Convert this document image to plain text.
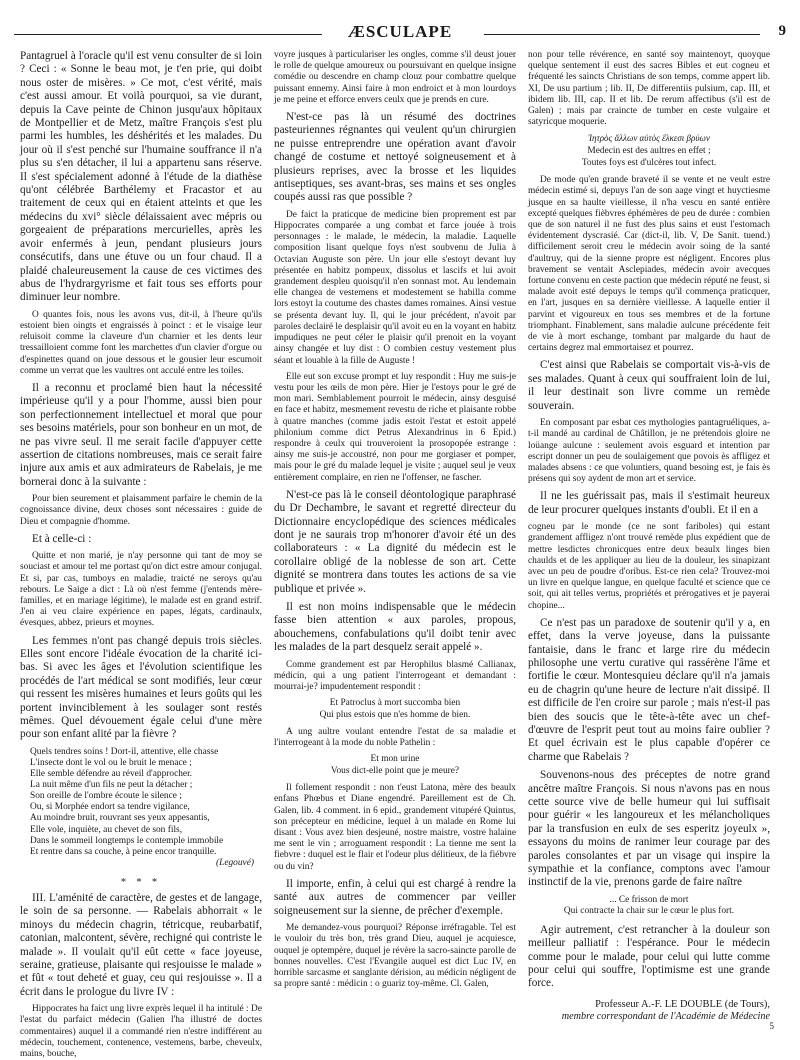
ÆSCULAPE	9

Pantagruel à l'oracle qu'il est venu consulter de si loin ? Ceci : « Sonne le beau mot, je t'en prie, qui doibt nous oster de misères. » Ce mot, c'est vérité, mais c'est aussi amour. Et voilà pourquoi, sa vie durant, depuis la Cave peinte de Chinon jusqu'aux hôpitaux de Montpellier et de Metz, maître François s'est plu parmi les humbles, les déshérités et les malades. Du jour où il s'est penché sur l'humaine souffrance il n'a plus su s'en détacher, il lui a appartenu sans réserve. Il s'est spécialement adonné à l'étude de la diathèse qu'ont célébrée Barthélemy et Fracastor et au traitement de ceux qui en étaient atteints et que les médecins du xvi° siècle délaissaient avec mépris ou gorgeaient de préparations mercurielles, après les avoir enfermés à jeun, pendant plusieurs jours consécutifs, dans une étuve ou un four chaud. Il a plaidé chaleureusement la cause de ces victimes des abus de l'hydrargyrisme et fait tous ses efforts pour diminuer leur nombre.

O quantes fois, nous les avons vus, dit-il, à l'heure qu'ils estoient bien oingts et engraissés à poinct : et le visaige leur reluisoit comme la claveure d'un charnier et les dents leur tressailloient comme font les marchettes d'un clavier d'orgue ou d'espinettes quand on joue dessous et le gousier leur escumoit comme un verrat que les vaultres ont acculé entre les toiles.

Il a reconnu et proclamé bien haut la nécessité impérieuse qu'il y a pour l'homme, aussi bien pour son perfectionnement intellectuel et moral que pour ses besoins matériels, pour son bonheur en un mot, de ne pas vivre seul. Il me serait facile d'appuyer cette assertion de citations nombreuses, mais ce serait faire injure aux amis et aux admirateurs de Rabelais, je me bornerai donc à la suivante :

Pour bien seurement et plaisamment parfaire le chemin de la cognoissance divine, deux choses sont nécessaires : guide de Dieu et compagnie d'homme.

Et à celle-ci :

Quitte et non marié, je n'ay personne qui tant de moy se souciast et amour tel me portast qu'on dict estre amour conjugal. Et si, par cas, tumboys en maladie, traicté ne seroys qu'au rebours. Le Saige a dict : Là où n'est femme (j'entends mère-familles, et en mariage légitime), le malade est en grand estrif. J'en ai veu claire expérience en papes, légats, cardinaulx, évesques, abbez, prieurs et moynes.

Les femmes n'ont pas changé depuis trois siècles. Elles sont encore l'idéale évocation de la charité ici-bas. Si avec les âges et l'évolution scientifique les procédés de l'art médical se sont modifiés, leur cœur qui ressent les misères humaines et leurs goûts qui les portent invinciblement à les soulager sont restés mêmes. Quel dévouement égale celui d'une mère pour son enfant alité par la fièvre ?

Quels tendres soins ! Dort-il, attentive, elle chasse
L'insecte dont le vol ou le bruit le menace ;
Elle semble défendre au réveil d'approcher.
La nuit même d'un fils ne peut la détacher ;
Son oreille de l'ombre écoute le silence ;
Ou, si Morphée endort sa tendre vigilance,
Au moindre bruit, rouvrant ses yeux appesantis,
Elle vole, inquiète, au chevet de son fils,
Dans le sommeil longtemps le contemple immobile
Et rentre dans sa couche, à peine encor tranquille.
(Legouvé)
* * *

III. L'aménité de caractère, de gestes et de langage, le soin de sa personne. — Rabelais abhorrait « le minoys du médecin chagrin, tétricque, reubarbatif, catonian, malcontent, sévère, rechigné qui contriste le malade ». Il voulait qu'il eût cette « face joyeuse, seraine, gratieuse, plaisante qui resjouisse le malade » et fût « tout deheté et guay, ceu qui resjouisse ». Il a écrit dans le prologue du livre IV :

Hippocrates ha faict ung livre exprès lequel il ha intitulé : De l'estat du parfaict médecin (Galien l'ha illustré de doctes commentaires) auquel il a commandé rien n'estre indifférent au médecin, touchement, contenence, vestemens, barbe, cheveulx, mains, bouche,

voyre jusques à particulariser les ongles, comme s'il deust jouer le rolle de quelque amoureux ou poursuivant en quelque insigne comédie ou descendre en champ clouz pour combattre quelque puissant ennemy. Ainsi faire à mon endroict et à mon lourdoys je me peine et efforce envers ceulx que je prends en cure.

N'est-ce pas là un résumé des doctrines pasteuriennes régnantes qui veulent qu'un chirurgien ne puisse entreprendre une opération avant d'avoir changé de costume et nettoyé soigneusement et à plusieurs reprises, avec la brosse et les liquides antiseptiques, ses avant-bras, ses mains et ses ongles coupés aussi ras que possible ?

De faict la praticque de medicine bien proprement est par Hippocrates comparée a ung combat et farce jouée à trois personnages : le malade, le médecin, la maladie. Laquelle composition lisant quelque foys n'est soubvenu de Julia à Octavian Auguste son père. Un jour elle s'estoyt devant luy présentée en habitz pompeux, dissolus et lascifs et lui avoit grandement despleu quoisqu'il n'en sonnast mot. Au lendemain elle changea de vestemens et modestement se habilla comme lors estoyt la coutume des chastes dames romaines. Ainsi vestue se présenta devant luy. Il, qui le jour précédent, n'avoit par paroles declairé le desplaisir qu'il avoit eu en la voyant en habitz impudiques ne peut céler le plaisir qu'il prenoit en la voyant ainsy changée et luy dist : O combien cestuy vestement plus séant et louable à la fille de Auguste !

Elle eut son excuse prompt et luy respondit : Huy me suis-je vestu pour les œils de mon père. Hier je l'estoys pour le gré de mon mari. Semblablement pourroit le médecin, ainsy desguisé en face et habitz, mesmement revestu de riche et plaisante robbe à quatre manches (comme jadis estoit l'estat et estoit appelé philonium comme dict Petrus Alexandrinus in 6 Epid.) respondre à ceulx qui trouveroient la prosopopée estrange : ainsy me suis-je accoustré, non pour me gorgiaser et pomper, mais pour le gré du malade lequel je visite ; auquel seul je veux entièrement complaire, en rien ne l'offenser, ne fascher.

N'est-ce pas là le conseil déontologique paraphrasé du Dr Dechambre, le savant et regretté directeur du Dictionnaire encyclopédique des sciences médicales dont je ne saurais trop m'honorer d'avoir été un des collaborateurs : « La dignité du médecin est le corollaire obligé de la noblesse de son art. Cette dignité se montrera dans toutes les actions de sa vie publique et privée ».

Il est non moins indispensable que le médecin fasse bien attention « aux paroles, propous, abouchemens, confabulations qu'il doibt tenir avec les malades de la part desquelz serait appelé ».

Comme grandement est par Herophilus blasmé Callianax, médicin, qui a ung patient l'interrogeant et demandant : mourrai-je? impudentement respondit :

Et Patroclus à mort succomba bien
Qui plus estois que n'es homme de bien.

A ung aultre voulant entendre l'estat de sa maladie et l'interrogeant à la mode du noble Pathelin :

Et mon urine
Vous dict-elle point que je meure?

Il follement respondit : non t'eust Latona, mère des beaulx enfans Phœbus et Diane engendré. Pareillement est de Ch. Galen, lib. 4 comment. in 6 epid., grandement vitupéré Quintus, son précepteur en médicine, lequel à un malade en Rome lui disant : Vous avez bien desjeuné, nostre maistre, vostre halaine me sent le vin ; arroguament respondit : La tienne me sent la fiebvre : duquel est le flair et l'odeur plus délitieux, de la fiébvre ou du vin?

Il importe, enfin, à celui qui est chargé à rendre la santé aux autres de commencer par veiller soigneusement sur la sienne, de prêcher d'exemple.

Me demandez-vous pourquoi? Réponse irréfragable. Tel est le vouloir du très bon, très grand Dieu, auquel je acquiesce, ouquel je optempère, duquel je révère la sacro-saincte parolle de bonnes nouvelles. C'est l'Evangile auquel est dict Luc IV, en horrible sarcasme et sanglante dérision, au médicin négligent de sa propre santé : médicin : o guariz toy-même. Cl. Galen,

non pour telle révérence, en santé soy maintenoyt, quoyque quelque sentement il eust des sacres Bibles et eut cogneu et fréquenté les saincts Christians de son temps, comme appert lib. XI, De usu partium ; lib. II, De differentiis pulsium, cap. III, et ibidem lib. III, cap. II et lib. De rerum affectibus (s'il est de Galen) ; mais par craincte de tumber en ceste vulgaire et satyricque moquerie.

Ἰητρὸς ἄλλων αὐτὸς ἕλκεσι βρύων
Medecin est des aultres en effet ;
Toutes foys est d'ulcères tout infect.

De mode qu'en grande braveté il se vente et ne veult estre médecin estimé si, depuys l'an de son aage vingt et huyctiesme jusque en sa haulte vieillesse, il n'ha vescu en santé entière excepté quelques fièbvres éphémères de peu de durée : combien que de son naturel il ne fust des plus sains et eust l'estomach évidentement dyscrasié. Car (dict-il, lib. V, De Sanit. tuend.) difficilement seroit creu le médecin avoir soing de la santé d'aultruy, qui de la sienne propre est négligent. Encores plus bravement se ventait Asclepiades, médecin avoir avecques fortune convenu en ceste paction que médecin réputé ne feust, si malade avoit esté depuys le temps qu'il commença praticquer, en l'art, jusques en sa dernière vieillesse. A laquelle entier il parvint et vigoureux en tous ses membres et de la fortune triomphant. Finablement, sans maladie aulcune précédente feit de vie à mort eschange, tombant par malgarde du haut de certains degrez mal emmortaisez et pourrez.

C'est ainsi que Rabelais se comportait vis-à-vis de ses malades. Quant à ceux qui souffraient loin de lui, il leur destinait son livre comme un remède souverain.

En composant par esbat ces mythologies pantagruéliques, a-t-il mandé au cardinal de Châtillon, je ne prétendois gloire ne loüange aulcune : seulement avois esguard et intention par escript donner un peu de soulaigement que povois ès affligez et malades absens : ce que voluntiers, quand besoing est, je fais ès présens qui soy aydent de mon art et service.

Il ne les guérissait pas, mais il s'estimait heureux de leur procurer quelques instants d'oubli. Et il en a

cogneu par le monde (ce ne sont fariboles) qui estant grandement affligez n'ont trouvé remède plus expédient que de mettre lesdictes chronicques entre deux beaulx linges bien chaulds et de les appliquer au lieu de la douleur, les sinapizant avec un peu de poudre d'oribus. Est-ce rien cela? Trouvez-moi un livre en quelque langue, en quelque faculté et science que ce soit, qui ait telles vertus, propriétés et prérogatives et je payerai chopine...

Ce n'est pas un paradoxe de soutenir qu'il y a, en effet, dans la verve joyeuse, dans la puissante fantaisie, dans le franc et large rire du médecin philosophe une vertu curative qui rassérène l'âme et fortifie le cœur. Montesquieu déclare qu'il n'a jamais eu de chagrin qu'une heure de lecture n'ait dissipé. Il est difficile de l'en croire sur parole ; mais n'est-il pas bien des soucis que le tête-à-tête avec un chef-d'œuvre de l'esprit peut tout au moins faire oublier ? Et quel écrivain est le plus capable d'opérer ce charme que Rabelais ?

Souvenons-nous des préceptes de notre grand ancêtre maître François. Si nous n'avons pas en nous cette source vive de belle humeur qui lui suffisait pour guérir « les langoureux et les mélancholiques par la transfusion en eulx de ses esperitz joyeulx », essayons du moins de ranimer leur courage par des paroles consolantes et par un visage qui inspire la sympathie et la confiance, comptons avec l'amour instinctif de la vie, prenons garde de faire naître

... Ce frisson de mort
Qui contracte la chair sur le cœur le plus fort.

Agir autrement, c'est retrancher à la douleur son meilleur palliatif : l'espérance. Pour le médecin comme pour le malade, pour celui qui lutte comme pour celui qui souffre, l'optimisme est une grande force.

Professeur A.-F. LE DOUBLE (de Tours),
membre correspondant de l'Académie de Médecine
5
